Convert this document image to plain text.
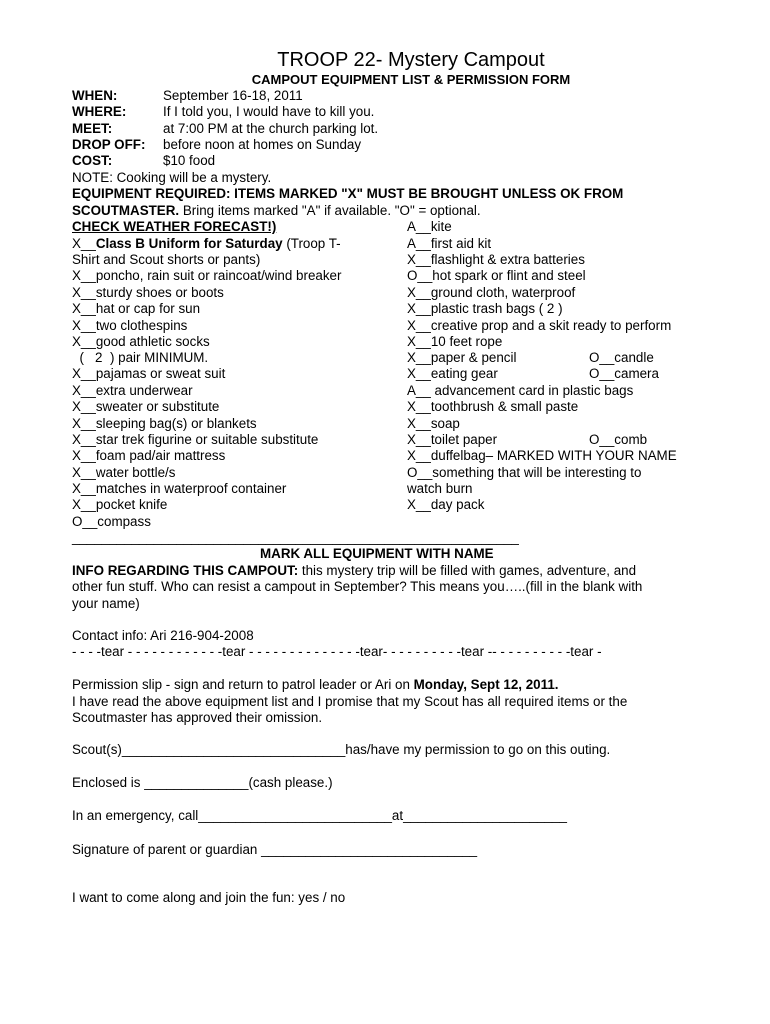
TROOP 22- Mystery Campout
CAMPOUT EQUIPMENT LIST & PERMISSION FORM
WHEN:	September 16-18, 2011
WHERE:	If I told you, I would have to kill you.
MEET:	at 7:00 PM at the church parking lot.
DROP OFF: before noon at homes on Sunday
COST:	$10 food
NOTE: Cooking will be a mystery.
EQUIPMENT REQUIRED: ITEMS MARKED "X" MUST BE BROUGHT UNLESS OK FROM
SCOUTMASTER. Bring items marked "A" if available. "O" = optional.
CHECK WEATHER FORECAST!)
X__Class B Uniform for Saturday (Troop T-
Shirt and Scout shorts or pants)
X__poncho, rain suit or raincoat/wind breaker
X__sturdy shoes or boots
X__hat or cap for sun
X__two clothespins
X__good athletic socks
(   2  ) pair MINIMUM.
X__pajamas or sweat suit
X__extra underwear
X__sweater or substitute
X__sleeping bag(s) or blankets
X__star trek figurine or suitable substitute
X__foam pad/air mattress
X__water bottle/s
X__matches in waterproof container
X__pocket knife
O__compass
A__kite
A__first aid kit
X__flashlight & extra batteries
O__hot spark or flint and steel
X__ground cloth, waterproof
X__plastic trash bags ( 2 )
X__creative prop and a skit ready to perform
X__10 feet rope
X__paper & pencil	O__candle
X__eating gear	O__camera
A__ advancement card in plastic bags
X__toothbrush & small paste
X__soap
X__toilet paper	O__comb
X__duffelbag– MARKED WITH YOUR NAME
O__something that will be interesting to
watch burn
X__day pack
____________________________________________________________
MARK ALL EQUIPMENT WITH NAME
INFO REGARDING THIS CAMPOUT: this mystery trip will be filled with games, adventure, and
other fun stuff. Who can resist a campout in September? This means you…..(fill in the blank with
your name)
Contact info: Ari 216-904-2008
- - - -tear - - - - - - - - - - - -tear - - - - - - - - - - - - - -tear- - - - - - - - - -tear -- - - - - - - - - -tear -
Permission slip - sign and return to patrol leader or Ari on Monday, Sept 12, 2011.
I have read the above equipment list and I promise that my Scout has all required items or the
Scoutmaster has approved their omission.
Scout(s)______________________________has/have my permission to go on this outing.
Enclosed is ______________(cash please.)
In an emergency, call__________________________at______________________
Signature of parent or guardian _____________________________
I want to come along and join the fun: yes / no
